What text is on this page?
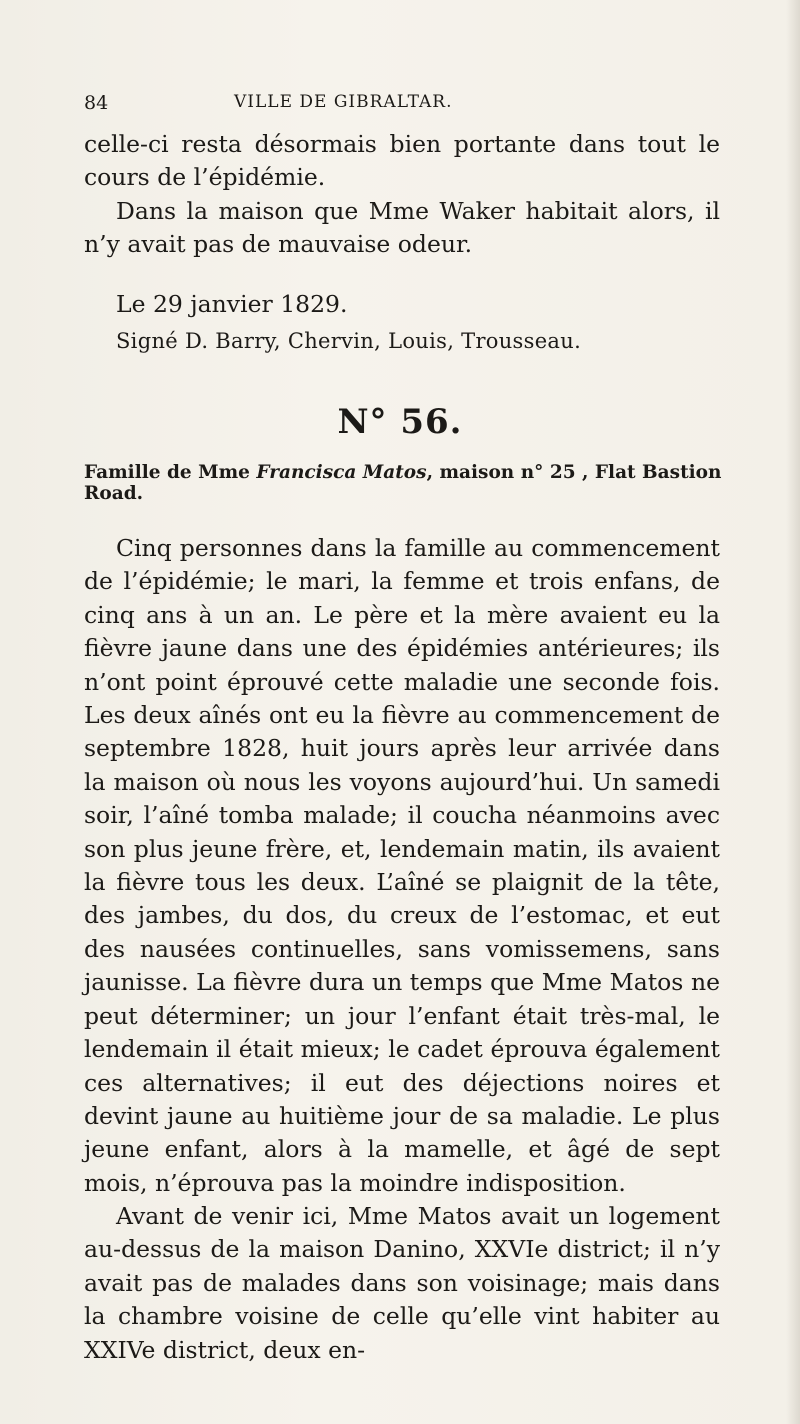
84	VILLE DE GIBRALTAR.

celle-ci resta désormais bien portante dans tout le cours de l’épidémie.

Dans la maison que Mme Waker habitait alors, il n’y avait pas de mauvaise odeur.

Le 29 janvier 1829.
Signé D. Barry, Chervin, Louis, Trousseau.
N° 56.
Famille de Mme Francisca Matos, maison n° 25 , Flat Bastion Road.

Cinq personnes dans la famille au commencement de l’épidémie; le mari, la femme et trois enfans, de cinq ans à un an. Le père et la mère avaient eu la fièvre jaune dans une des épidémies antérieures; ils n’ont point éprouvé cette maladie une seconde fois. Les deux aînés ont eu la fièvre au commencement de septembre 1828, huit jours après leur arrivée dans la maison où nous les voyons aujourd’hui. Un samedi soir, l’aîné tomba malade; il coucha néanmoins avec son plus jeune frère, et, lendemain matin, ils avaient la fièvre tous les deux. L’aîné se plaignit de la tête, des jambes, du dos, du creux de l’estomac, et eut des nausées continuelles, sans vomissemens, sans jaunisse. La fièvre dura un temps que Mme Matos ne peut déterminer; un jour l’enfant était très-mal, le lendemain il était mieux; le cadet éprouva également ces alternatives; il eut des déjections noires et devint jaune au huitième jour de sa maladie. Le plus jeune enfant, alors à la mamelle, et âgé de sept mois, n’éprouva pas la moindre indisposition.

Avant de venir ici, Mme Matos avait un logement au-dessus de la maison Danino, XXVIe district; il n’y avait pas de malades dans son voisinage; mais dans la chambre voisine de celle qu’elle vint habiter au XXIVe district, deux en-
